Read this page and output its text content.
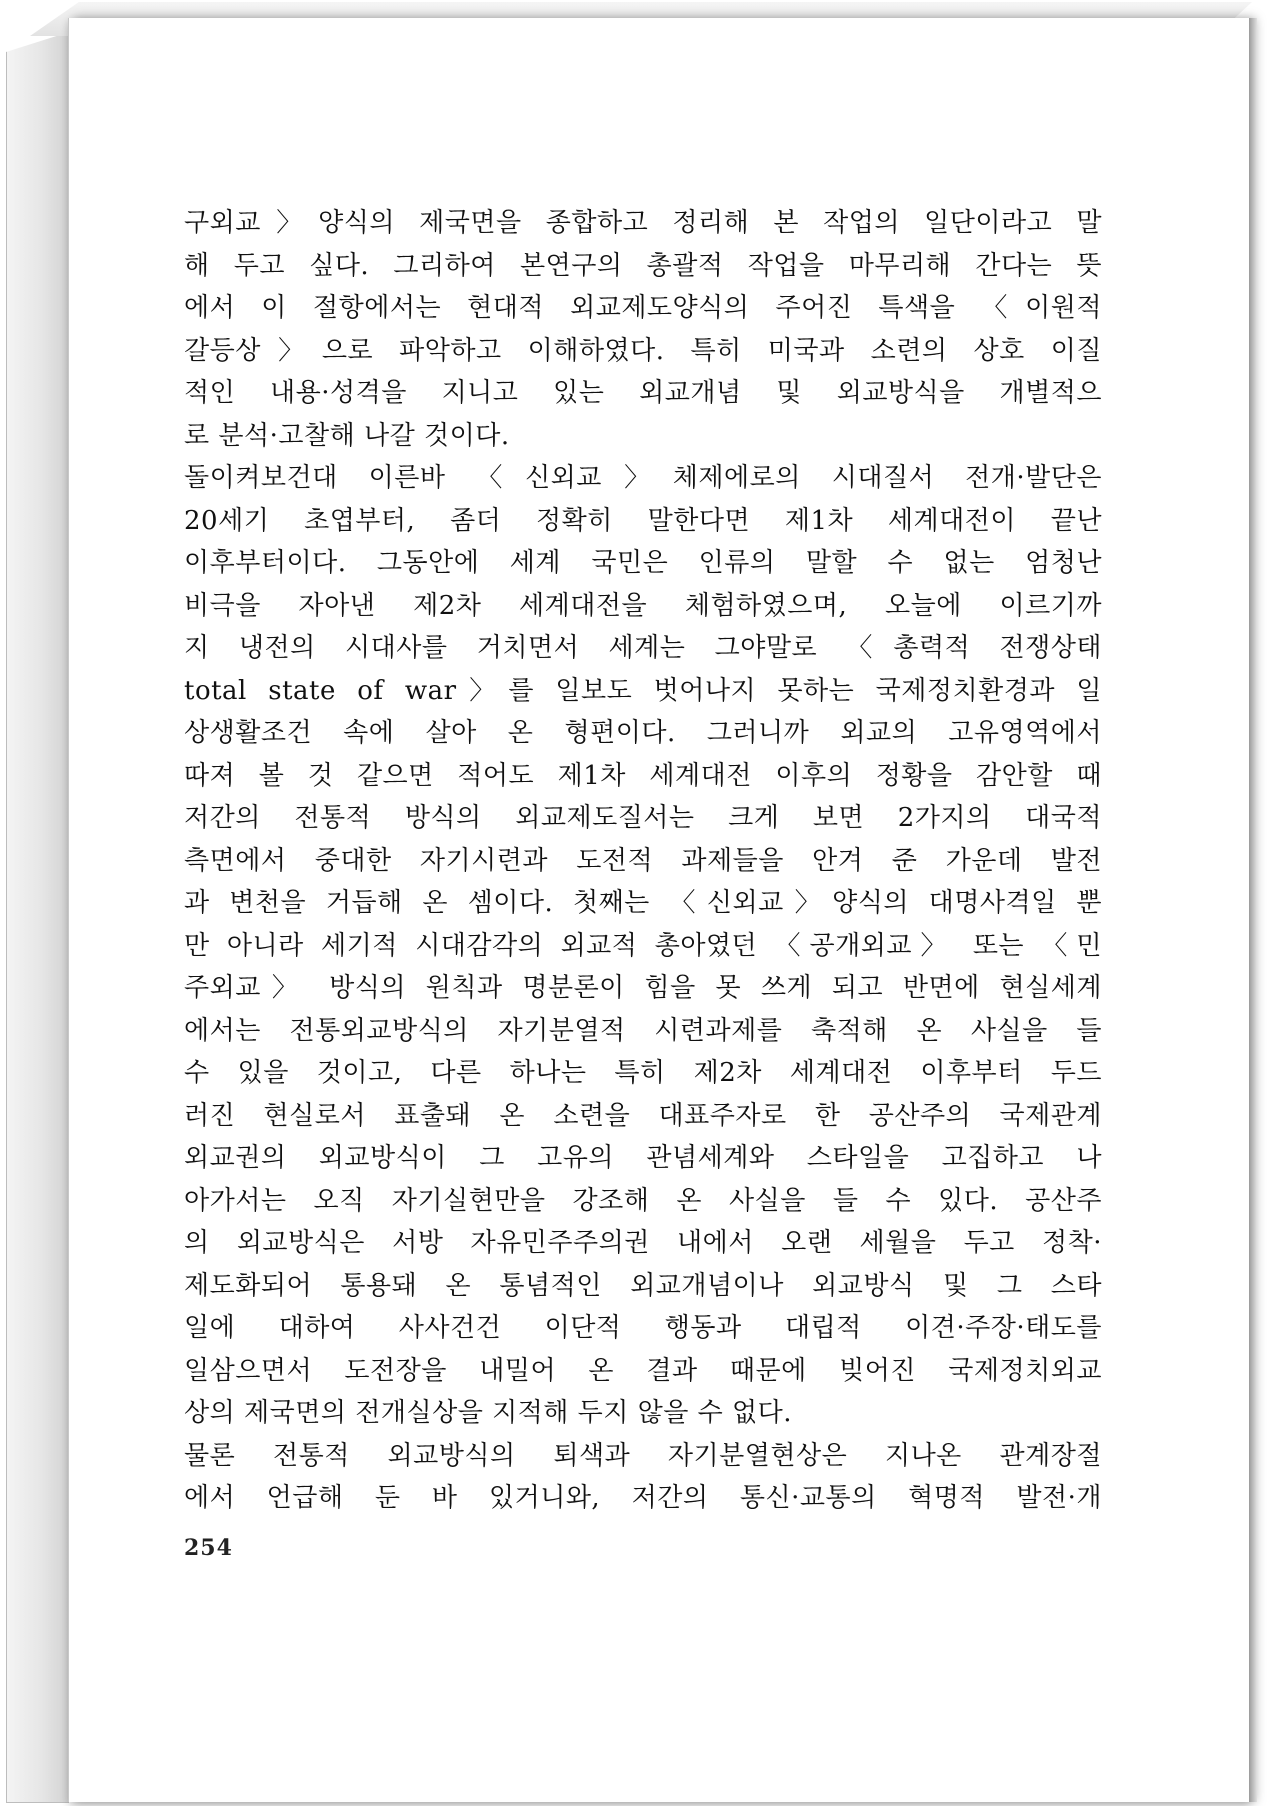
구외교〉양식의 제국면을 종합하고 정리해 본 작업의 일단이라고 말
해 두고 싶다. 그리하여 본연구의 총괄적 작업을 마무리해 간다는 뜻
에서 이 절항에서는 현대적 외교제도양식의 주어진 특색을 〈이원적
갈등상〉으로 파악하고 이해하였다. 특히 미국과 소련의 상호 이질
적인 내용·성격을 지니고 있는 외교개념 및 외교방식을 개별적으
로 분석·고찰해 나갈 것이다.
돌이켜보건대 이른바 〈신외교〉체제에로의 시대질서 전개·발단은
20세기 초엽부터, 좀더 정확히 말한다면 제1차 세계대전이 끝난
이후부터이다. 그동안에 세계 국민은 인류의 말할 수 없는 엄청난
비극을 자아낸 제2차 세계대전을 체험하였으며, 오늘에 이르기까
지 냉전의 시대사를 거치면서 세계는 그야말로 〈총력적 전쟁상태
total state of war〉를 일보도 벗어나지 못하는 국제정치환경과 일
상생활조건 속에 살아 온 형편이다. 그러니까 외교의 고유영역에서
따져 볼 것 같으면 적어도 제1차 세계대전 이후의 정황을 감안할 때
저간의 전통적 방식의 외교제도질서는 크게 보면 2가지의 대국적
측면에서 중대한 자기시련과 도전적 과제들을 안겨 준 가운데 발전
과 변천을 거듭해 온 셈이다. 첫째는 〈신외교〉양식의 대명사격일 뿐
만 아니라 세기적 시대감각의 외교적 총아였던 〈공개외교〉 또는 〈민
주외교〉 방식의 원칙과 명분론이 힘을 못 쓰게 되고 반면에 현실세계
에서는 전통외교방식의 자기분열적 시련과제를 축적해 온 사실을 들
수 있을 것이고, 다른 하나는 특히 제2차 세계대전 이후부터 두드
러진 현실로서 표출돼 온 소련을 대표주자로 한 공산주의 국제관계
외교권의 외교방식이 그 고유의 관념세계와 스타일을 고집하고 나
아가서는 오직 자기실현만을 강조해 온 사실을 들 수 있다. 공산주
의 외교방식은 서방 자유민주주의권 내에서 오랜 세월을 두고 정착·
제도화되어 통용돼 온 통념적인 외교개념이나 외교방식 및 그 스타
일에 대하여 사사건건 이단적 행동과 대립적 이견·주장·태도를
일삼으면서 도전장을 내밀어 온 결과 때문에 빚어진 국제정치외교
상의 제국면의 전개실상을 지적해 두지 않을 수 없다.
물론 전통적 외교방식의 퇴색과 자기분열현상은 지나온 관계장절
에서 언급해 둔 바 있거니와, 저간의 통신·교통의 혁명적 발전·개
254
